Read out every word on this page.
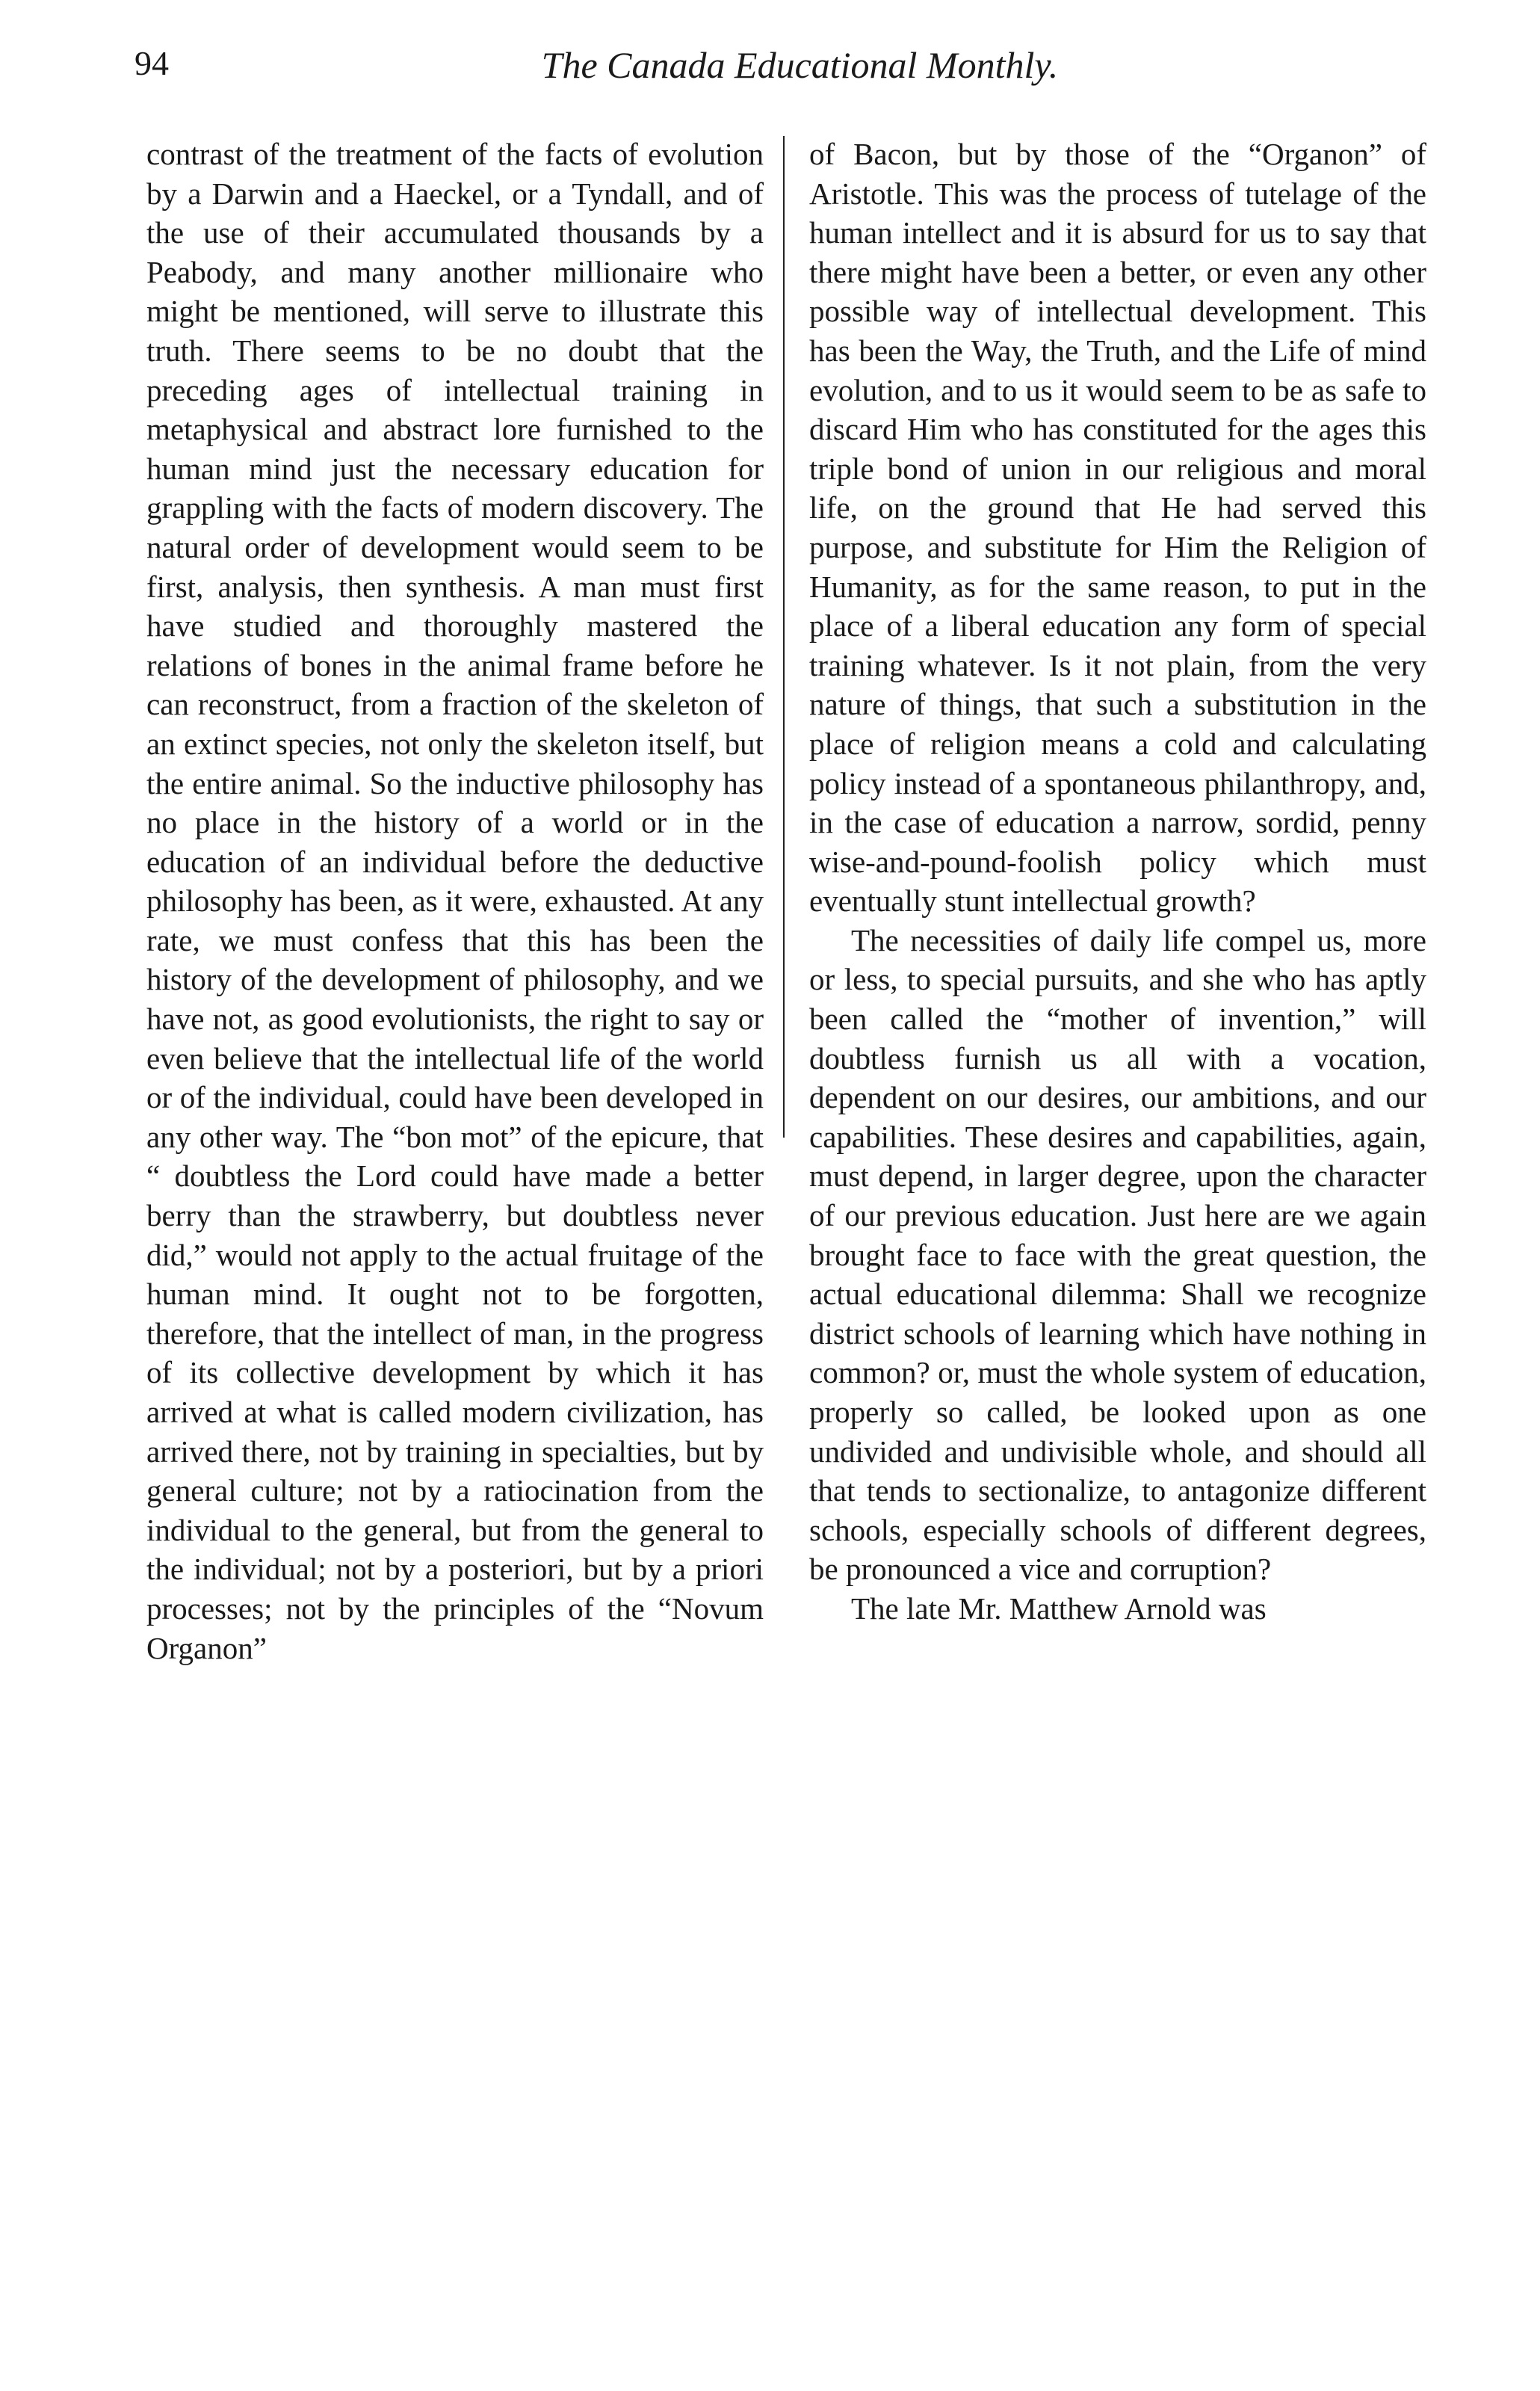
94	The Canada Educational Monthly.

contrast of the treatment of the facts of evolution by a Darwin and a Haeckel, or a Tyndall, and of the use of their accumulated thousands by a Peabody, and many another millionaire who might be mentioned, will serve to illustrate this truth. There seems to be no doubt that the preceding ages of intellectual training in metaphysical and abstract lore furnished to the human mind just the necessary education for grappling with the facts of modern discovery. The natural order of development would seem to be first, analysis, then synthesis. A man must first have studied and thoroughly mastered the relations of bones in the animal frame before he can reconstruct, from a fraction of the skeleton of an extinct species, not only the skeleton itself, but the entire animal. So the inductive philosophy has no place in the history of a world or in the education of an individual before the deductive philosophy has been, as it were, exhausted. At any rate, we must confess that this has been the history of the development of philosophy, and we have not, as good evolutionists, the right to say or even believe that the intellectual life of the world or of the individual, could have been developed in any other way. The “bon mot” of the epicure, that “ doubtless the Lord could have made a better berry than the strawberry, but doubtless never did,” would not apply to the actual fruitage of the human mind. It ought not to be forgotten, therefore, that the intellect of man, in the progress of its collective development by which it has arrived at what is called modern civilization, has arrived there, not by training in specialties, but by general culture; not by a ratiocination from the individual to the general, but from the general to the individual; not by a posteriori, but by a priori processes; not by the principles of the “Novum Organon”

of Bacon, but by those of the “Organon” of Aristotle. This was the process of tutelage of the human intellect and it is absurd for us to say that there might have been a better, or even any other possible way of intellectual development. This has been the Way, the Truth, and the Life of mind evolution, and to us it would seem to be as safe to discard Him who has constituted for the ages this triple bond of union in our religious and moral life, on the ground that He had served this purpose, and substitute for Him the Religion of Humanity, as for the same reason, to put in the place of a liberal education any form of special training whatever. Is it not plain, from the very nature of things, that such a substitution in the place of religion means a cold and calculating policy instead of a spontaneous philanthropy, and, in the case of education a narrow, sordid, penny wise-and-pound-foolish policy which must eventually stunt intellectual growth?

The necessities of daily life compel us, more or less, to special pursuits, and she who has aptly been called the “mother of invention,” will doubtless furnish us all with a vocation, dependent on our desires, our ambitions, and our capabilities. These desires and capabilities, again, must depend, in larger degree, upon the character of our previous education. Just here are we again brought face to face with the great question, the actual educational dilemma: Shall we recognize district schools of learning which have nothing in common? or, must the whole system of education, properly so called, be looked upon as one undivided and undivisible whole, and should all that tends to sectionalize, to antagonize different schools, especially schools of different degrees, be pronounced a vice and corruption?

The late Mr. Matthew Arnold was
